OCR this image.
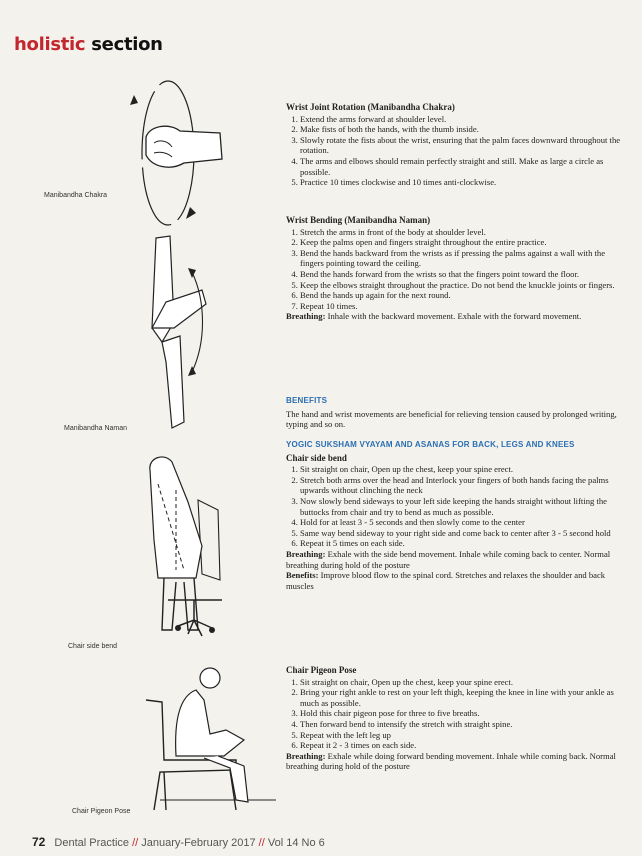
holistic section
Manibandha Chakra
Manibandha Naman
Chair side bend
Chair Pigeon Pose
Wrist Joint Rotation (Manibandha Chakra)
1. Extend the arms forward at shoulder level.
2. Make fists of both the hands, with the thumb inside.
3. Slowly rotate the fists about the wrist, ensuring that the palm faces downward throughout the rotation.
4. The arms and elbows should remain perfectly straight and still. Make as large a circle as possible.
5. Practice 10 times clockwise and 10 times anti-clockwise.
Wrist Bending (Manibandha Naman)
1. Stretch the arms in front of the body at shoulder level.
2. Keep the palms open and fingers straight throughout the entire practice.
3. Bend the hands backward from the wrists as if pressing the palms against a wall with the fingers pointing toward the ceiling.
4. Bend the hands forward from the wrists so that the fingers point toward the floor.
5. Keep the elbows straight throughout the practice. Do not bend the knuckle joints or fingers.
6. Bend the hands up again for the next round.
7. Repeat 10 times.

Breathing: Inhale with the backward movement. Exhale with the forward movement.

BENEFITS

The hand and wrist movements are beneficial for relieving tension caused by prolonged writing, typing and so on.

YOGIC SUKSHAM VYAYAM AND ASANAS FOR BACK, LEGS AND KNEES
Chair side bend
1. Sit straight on chair, Open up the chest, keep your spine erect.
2. Stretch both arms over the head and Interlock your fingers of both hands facing the palms upwards without clinching the neck
3. Now slowly bend sideways to your left side keeping the hands straight without lifting the buttocks from chair and try to bend as much as possible.
4. Hold for at least 3 - 5 seconds and then slowly come to the center
5. Same way bend sideway to your right side and come back to center after 3 - 5 second hold
6. Repeat it 5 times on each side.

Breathing: Exhale with the side bend movement. Inhale while coming back to center. Normal breathing during hold of the posture

Benefits: Improve blood flow to the spinal cord. Stretches and relaxes the shoulder and back muscles

Chair Pigeon Pose
1. Sit straight on chair, Open up the chest, keep your spine erect.
2. Bring your right ankle to rest on your left thigh, keeping the knee in line with your ankle as much as possible.
3. Hold this chair pigeon pose for three to five breaths.
4. Then forward bend to intensify the stretch with straight spine.
5. Repeat with the left leg up
6. Repeat it 2 - 3 times on each side.

Breathing: Exhale while doing forward bending movement. Inhale while coming back. Normal breathing during hold of the posture

72 Dental Practice // January-February 2017 // Vol 14 No 6
